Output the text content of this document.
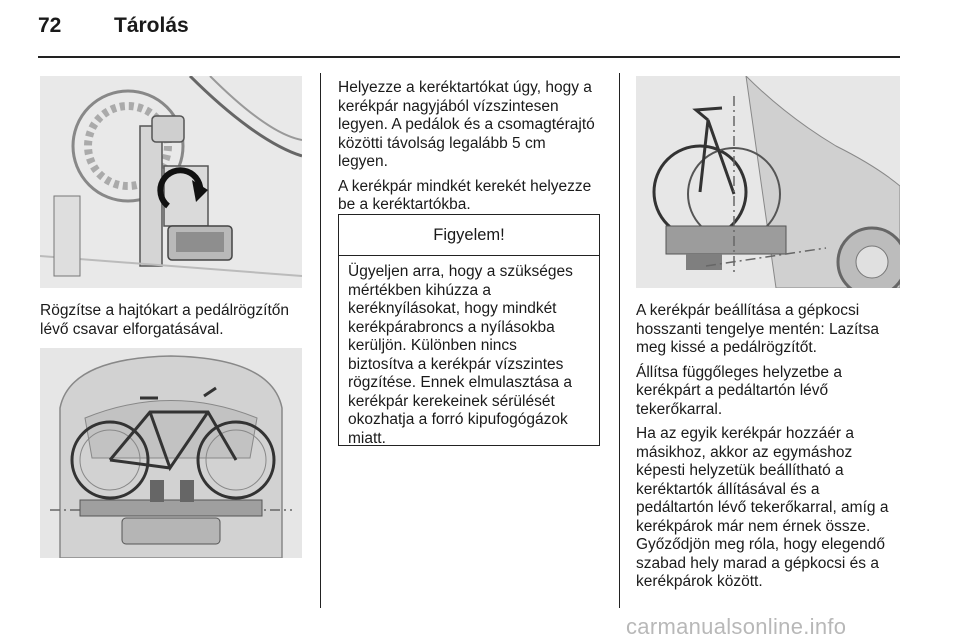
72	Tárolás

Rögzítse a hajtókart a pedálrögzítőn
lévő csavar elforgatásával.

Helyezze a keréktartókat úgy, hogy a
kerékpár nagyjából vízszintesen
legyen. A pedálok és a csomagtérajtó
közötti távolság legalább 5 cm
legyen.

A kerékpár mindkét kerekét helyezze
be a keréktartókba.

Figyelem!
Ügyeljen arra, hogy a szükséges
mértékben kihúzza a
keréknyílásokat, hogy mindkét
kerékpárabroncs a nyílásokba
kerüljön. Különben nincs
biztosítva a kerékpár vízszintes
rögzítése. Ennek elmulasztása a
kerékpár kerekeinek sérülését
okozhatja a forró kipufogógázok
miatt.

A kerékpár beállítása a gépkocsi
hosszanti tengelye mentén: Lazítsa
meg kissé a pedálrögzítőt.

Állítsa függőleges helyzetbe a
kerékpárt a pedáltartón lévő
tekerőkarral.

Ha az egyik kerékpár hozzáér a
másikhoz, akkor az egymáshoz
képesti helyzetük beállítható a
keréktartók állításával és a
pedáltartón lévő tekerőkarral, amíg a
kerékpárok már nem érnek össze.
Győződjön meg róla, hogy elegendő
szabad hely marad a gépkocsi és a
kerékpárok között.

carmanualsonline.info
